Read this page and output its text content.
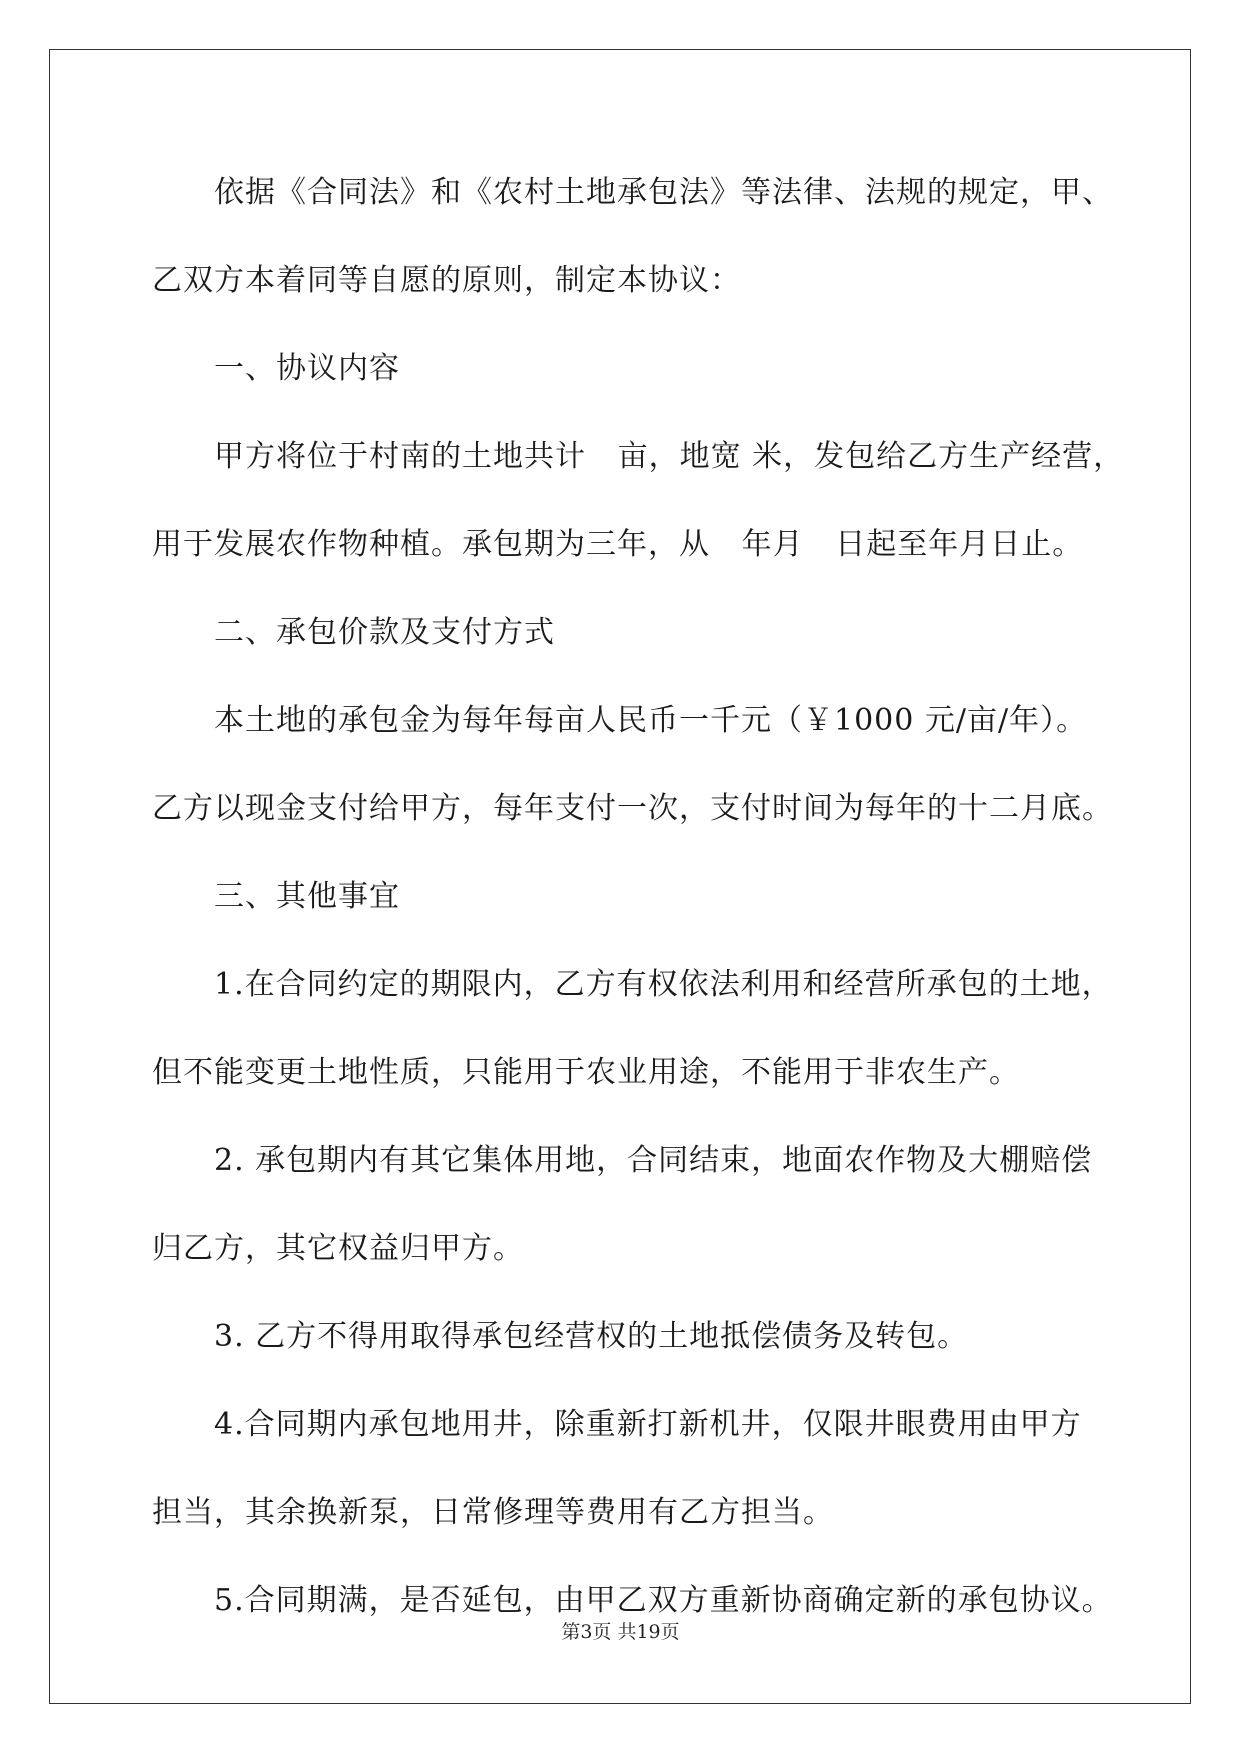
依据《合同法》和《农村土地承包法》等法律、法规的规定，甲、
乙双方本着同等自愿的原则，制定本协议：
一、协议内容
甲方将位于村南的土地共计   亩，地宽 米，发包给乙方生产经营，
用于发展农作物种植。承包期为三年，从   年月   日起至年月日止。
二、承包价款及支付方式
本土地的承包金为每年每亩人民币一千元（￥1000 元/亩/年）。
乙方以现金支付给甲方，每年支付一次，支付时间为每年的十二月底。
三、其他事宜
1.在合同约定的期限内，乙方有权依法利用和经营所承包的土地，
但不能变更土地性质，只能用于农业用途，不能用于非农生产。
2. 承包期内有其它集体用地，合同结束，地面农作物及大棚赔偿
归乙方，其它权益归甲方。
3. 乙方不得用取得承包经营权的土地抵偿债务及转包。
4.合同期内承包地用井，除重新打新机井，仅限井眼费用由甲方
担当，其余换新泵，日常修理等费用有乙方担当。
5.合同期满，是否延包，由甲乙双方重新协商确定新的承包协议。
第3页 共19页
